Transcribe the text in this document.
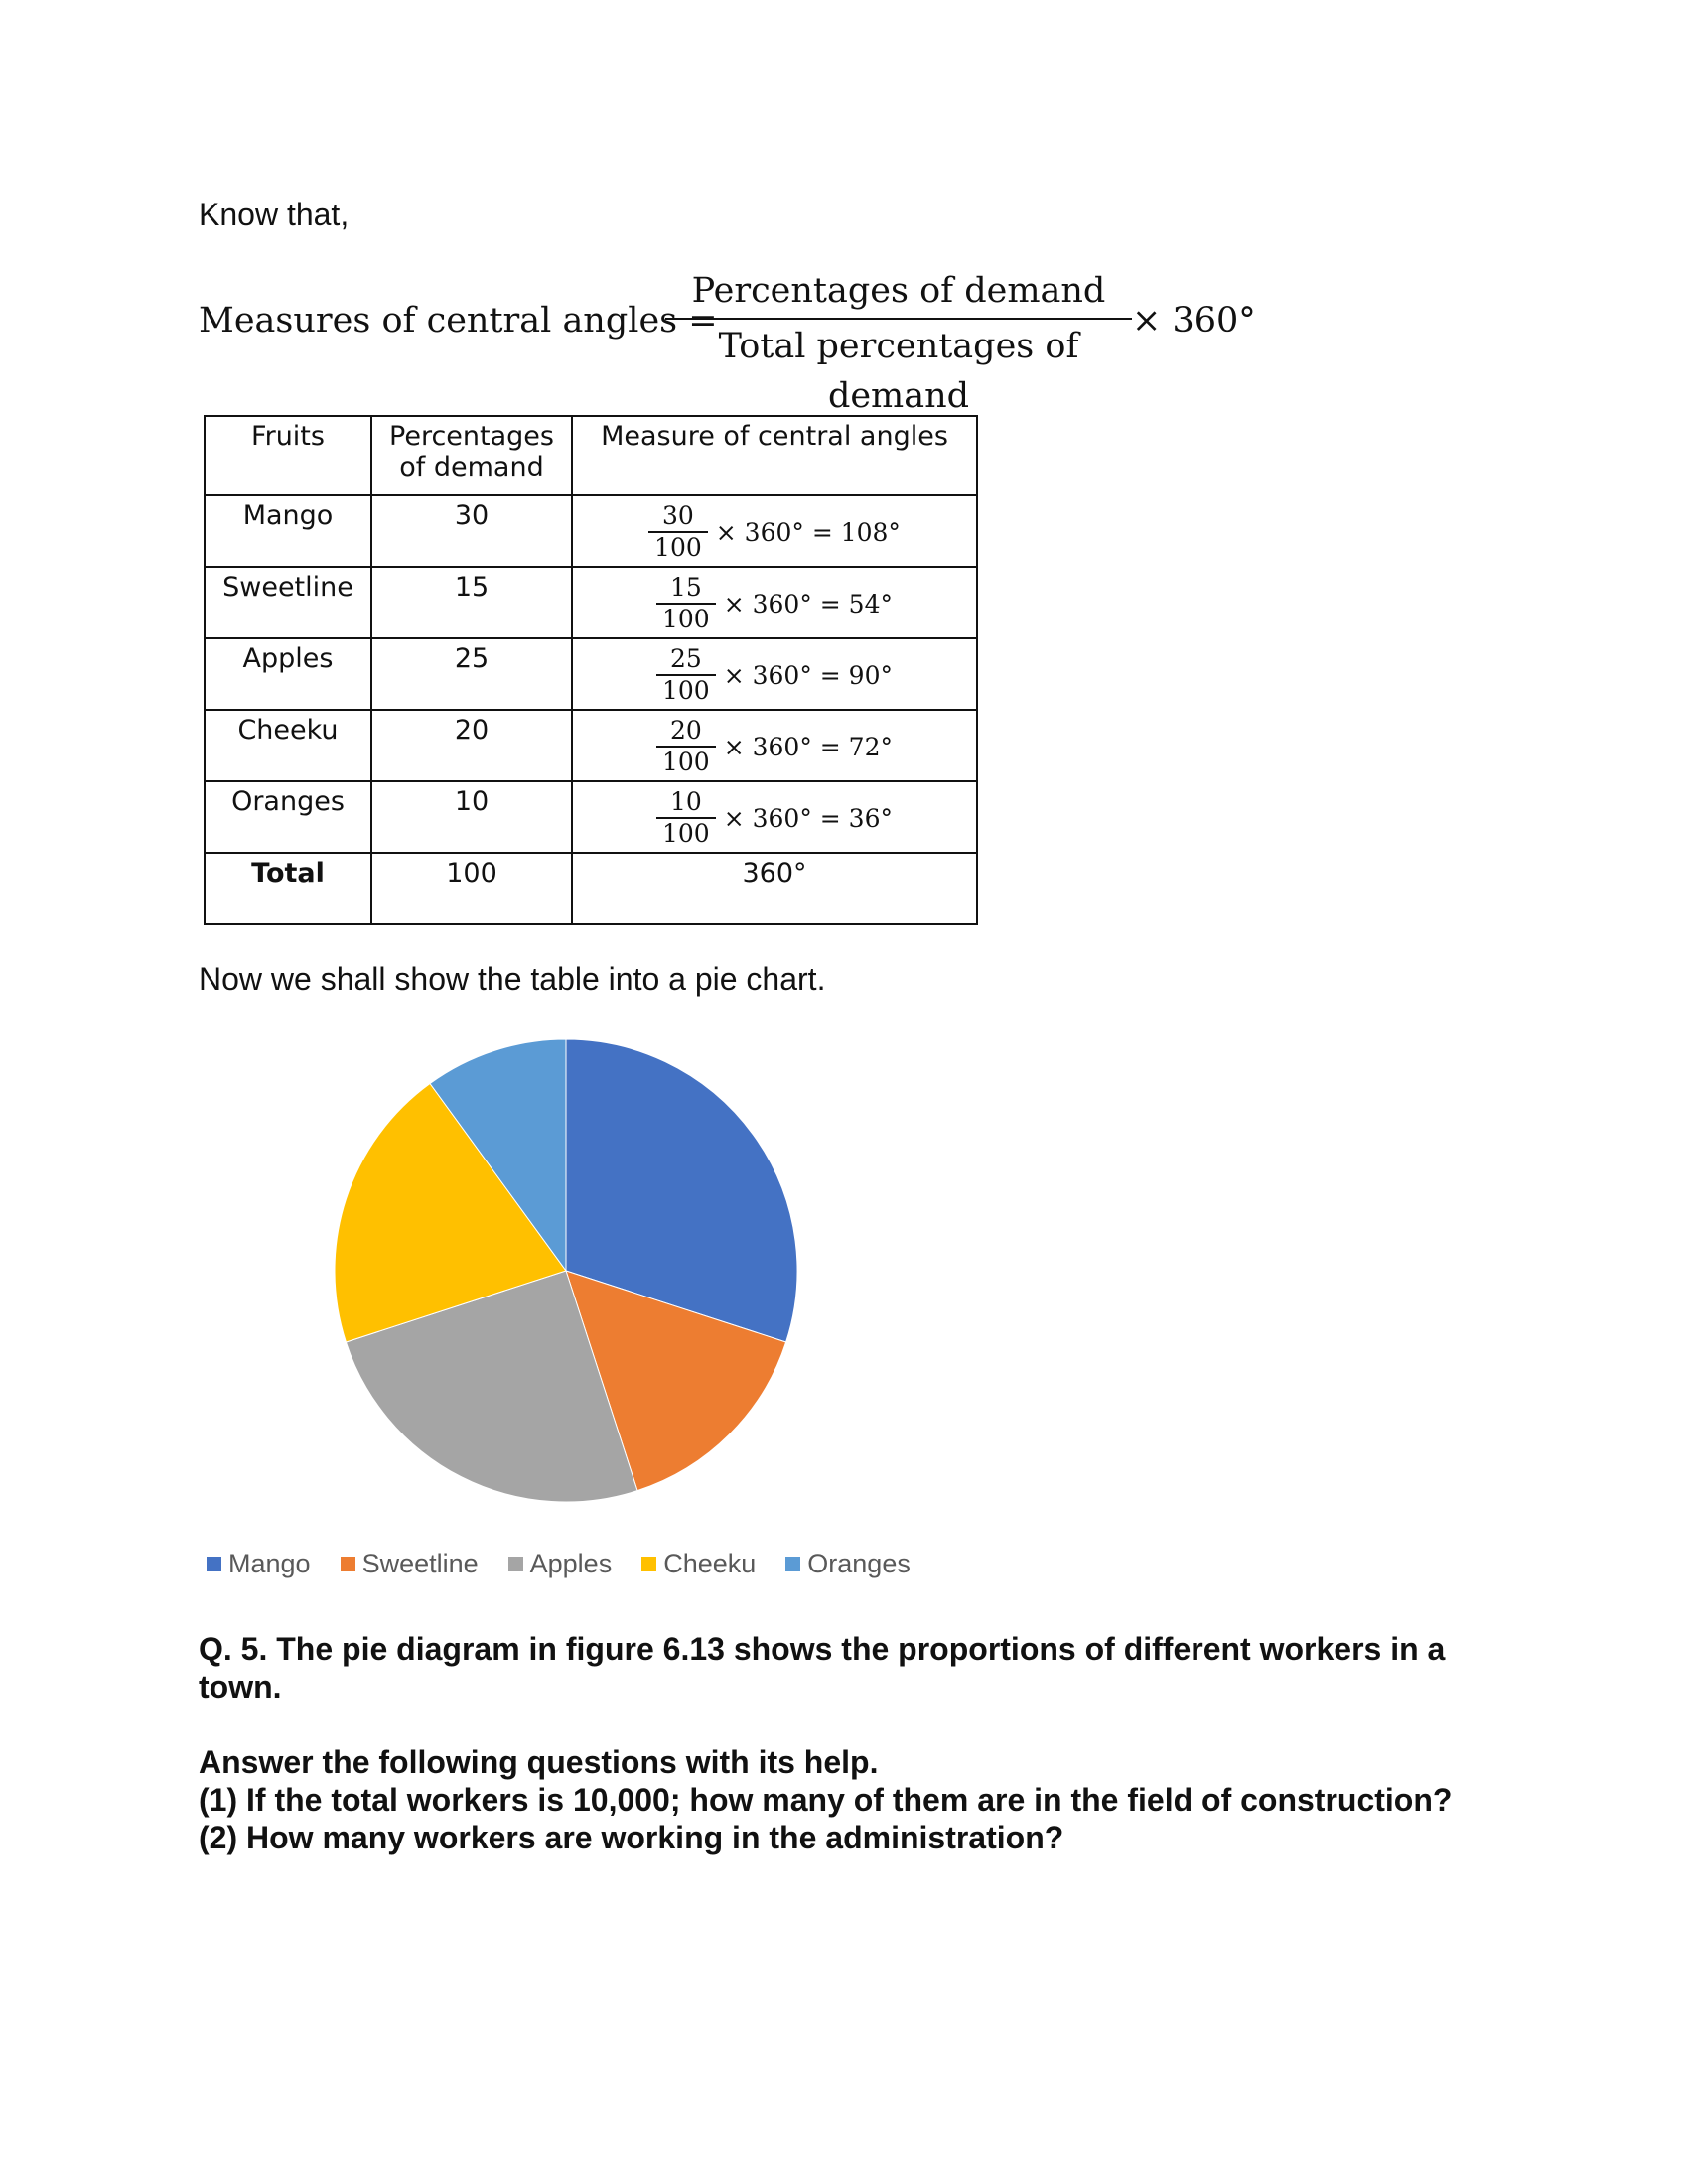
Know that,
Measures of central angles =
Percentages of demand
Total percentages of demand
× 360°
Fruits	Percentages of demand	Measure of central angles
Mango	30	$\frac{30}{100} \times 360^\circ = 108^\circ$

Sweetline	15	$\frac{15}{100} \times 360^\circ = 54^\circ$

Apples	25	$\frac{25}{100} \times 360^\circ = 90^\circ$

Cheeku	20	$\frac{20}{100} \times 360^\circ = 72^\circ$

Oranges	10	$\frac{10}{100} \times 360^\circ = 36^\circ$

Total	100	360°
Now we shall show the table into a pie chart.
Mango Sweetline Apples Cheeku Oranges
Q. 5. The pie diagram in figure 6.13 shows the proportions of different workers in a town.
Answer the following questions with its help.
(1) If the total workers is 10,000; how many of them are in the field of construction?
(2) How many workers are working in the administration?
